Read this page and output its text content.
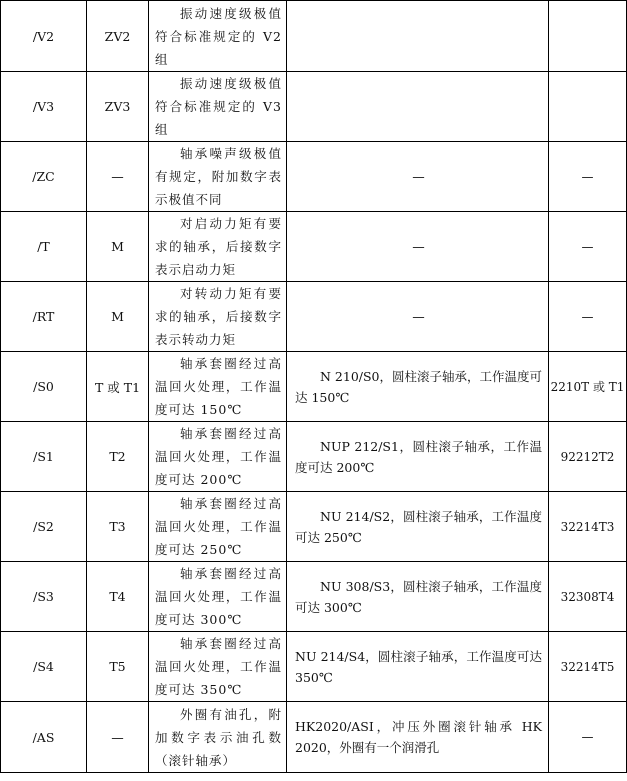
/V2	ZV2	振动速度级极值符合标准规定的 V2 组		
/V3	ZV3	振动速度级极值符合标准规定的 V3 组		
/ZC	—	轴承噪声级极值有规定，附加数字表示极值不同	—	—
/T	M	对启动力矩有要求的轴承，后接数字表示启动力矩	—	—
/RT	M	对转动力矩有要求的轴承，后接数字表示转动力矩	—	—
/S0	T 或 T1	轴承套圈经过高温回火处理，工作温度可达 150℃	N 210/S0，圆柱滚子轴承，工作温度可达 150℃	2210T 或 T1
/S1	T2	轴承套圈经过高温回火处理，工作温度可达 200℃	NUP 212/S1，圆柱滚子轴承，工作温度可达 200℃	92212T2
/S2	T3	轴承套圈经过高温回火处理，工作温度可达 250℃	NU 214/S2，圆柱滚子轴承，工作温度可达 250℃	32214T3
/S3	T4	轴承套圈经过高温回火处理，工作温度可达 300℃	NU 308/S3，圆柱滚子轴承，工作温度可达 300℃	32308T4
/S4	T5	轴承套圈经过高温回火处理，工作温度可达 350℃	NU 214/S4，圆柱滚子轴承，工作温度可达 350℃	32214T5
/AS	—	外圈有油孔，附加数字表示油孔数（滚针轴承）	HK2020/ASI，冲压外圈滚针轴承 HK 2020，外圈有一个润滑孔	—
